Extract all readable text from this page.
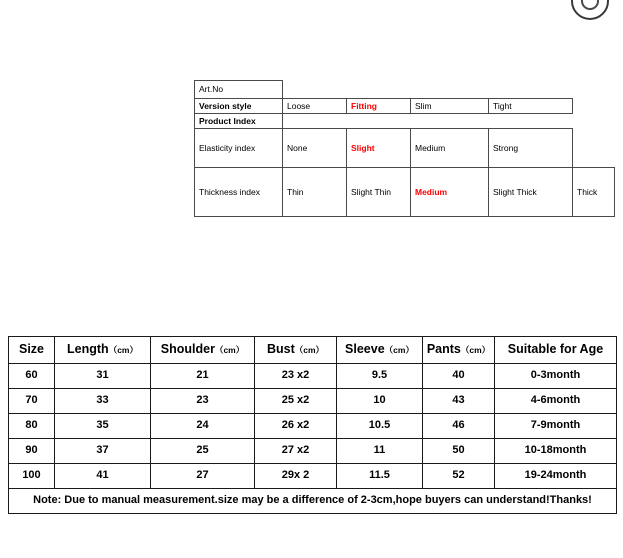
Art.No					
Version style	Loose	Fitting	Slim	Tight	
Product Index					
Elasticity index	None	Slight	Medium	Strong	
Thickness index	Thin	Slight Thin	Medium	Slight Thick	Thick
Size	Length（cm）	Shoulder（cm）	Bust（cm）	Sleeve（cm）	Pants（cm）	Suitable for Age
60	31	21	23 x2	9.5	40	0-3month
70	33	23	25 x2	10	43	4-6month
80	35	24	26 x2	10.5	46	7-9month
90	37	25	27 x2	11	50	10-18month
100	41	27	29x 2	11.5	52	19-24month
Note: Due to manual measurement.size may be a difference of 2-3cm,hope buyers can understand!Thanks!						
